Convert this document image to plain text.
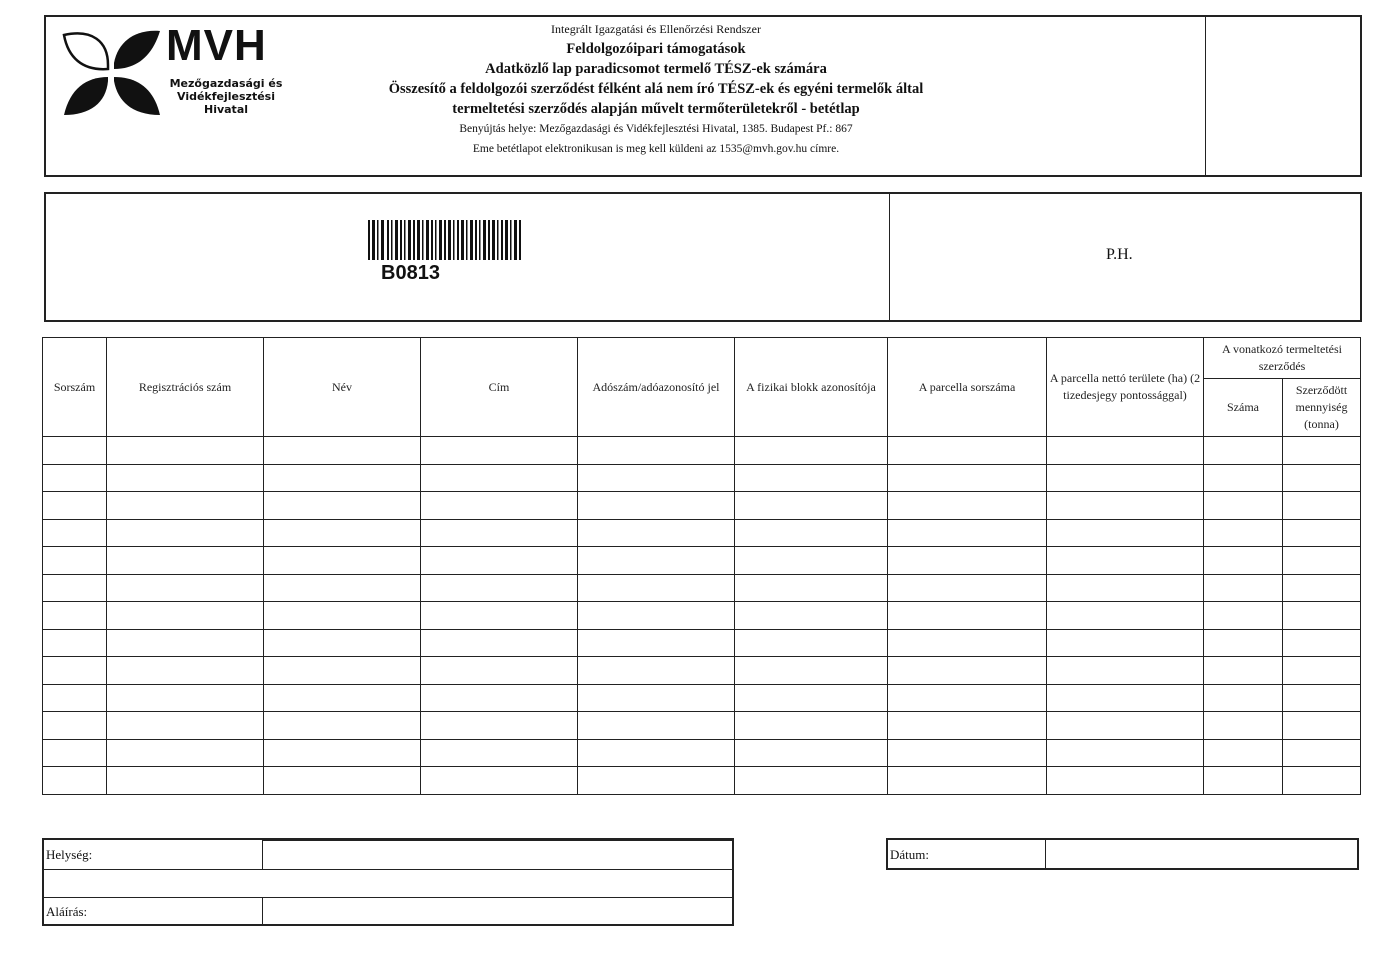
MVH
Mezőgazdasági és
Vidékfejlesztési
Hivatal
Integrált Igazgatási és Ellenőrzési Rendszer
Feldolgozóipari támogatások
Adatközlő lap paradicsomot termelő TÉSZ-ek számára
Összesítő a feldolgozói szerződést félként alá nem író TÉSZ-ek és egyéni termelők által
termeltetési szerződés alapján művelt termőterületekről - betétlap
Benyújtás helye: Mezőgazdasági és Vidékfejlesztési Hivatal, 1385. Budapest Pf.: 867
Eme betétlapot elektronikusan is meg kell küldeni az 1535@mvh.gov.hu címre.
B0813
P.H.
Sorszám	Regisztrációs szám	Név	Cím	Adószám/adóazonosító jel	A fizikai blokk azonosítója	A parcella sorszáma	A parcella nettó területe (ha) (2 tizedesjegy pontossággal)	A vonatkozó termeltetési szerződés	
								Száma	Szerződött mennyiség (tonna)

Helység:
Aláírás:
Dátum:
